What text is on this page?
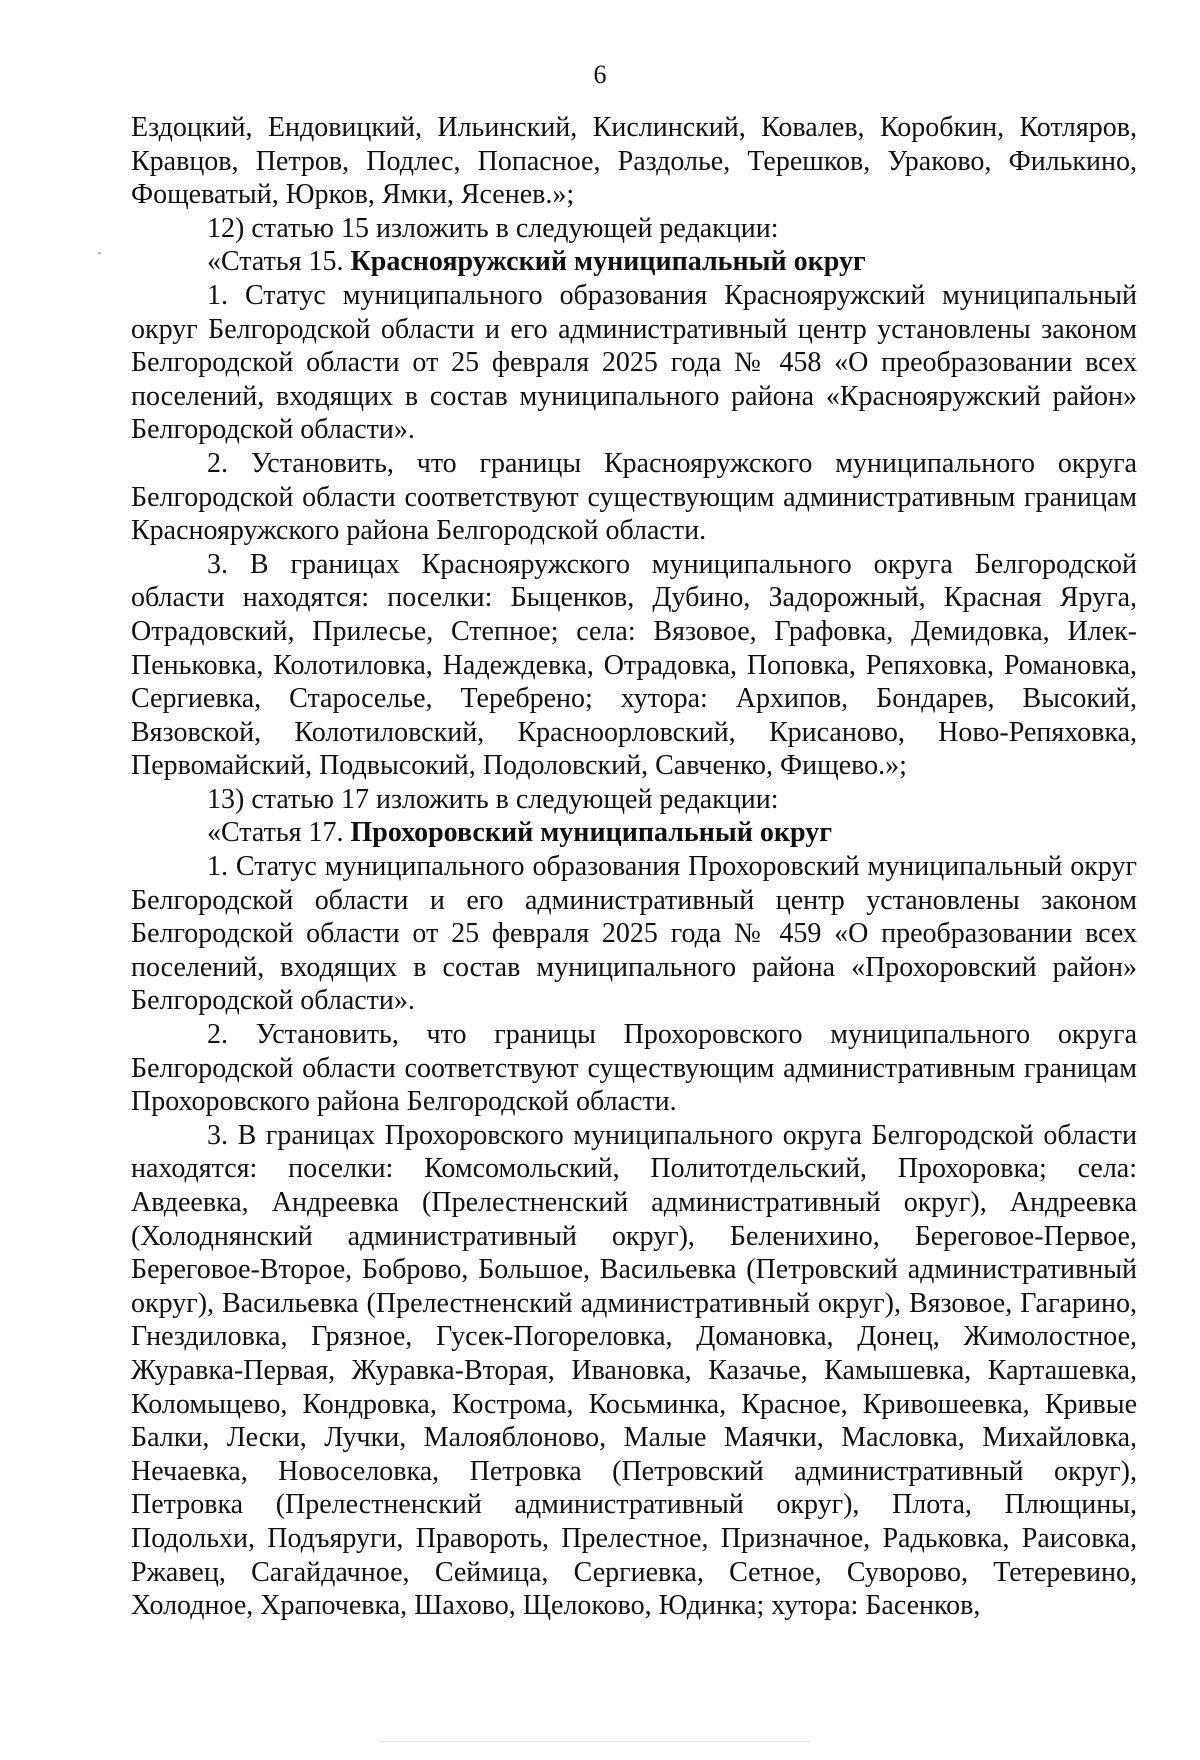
6

Ездоцкий, Ендовицкий, Ильинский, Кислинский, Ковалев, Коробкин, Котляров, Кравцов, Петров, Подлес, Попасное, Раздолье, Терешков, Ураково, Филькино, Фощеватый, Юрков, Ямки, Ясенев.»;

12) статью 15 изложить в следующей редакции:

«Статья 15. Краснояружский муниципальный округ

1. Статус муниципального образования Краснояружский муниципальный округ Белгородской области и его административный центр установлены законом Белгородской области от 25 февраля 2025 года № 458 «О преобразовании всех поселений, входящих в состав муниципального района «Краснояружский район» Белгородской области».

2. Установить, что границы Краснояружского муниципального округа Белгородской области соответствуют существующим административным границам Краснояружского района Белгородской области.

3. В границах Краснояружского муниципального округа Белгородской области находятся: поселки: Быценков, Дубино, Задорожный, Красная Яруга, Отрадовский, Прилесье, Степное; села: Вязовое, Графовка, Демидовка, Илек-Пеньковка, Колотиловка, Надеждевка, Отрадовка, Поповка, Репяховка, Романовка, Сергиевка, Староселье, Теребрено; хутора: Архипов, Бондарев, Высокий, Вязовской, Колотиловский, Красноорловский, Крисаново, Ново-Репяховка, Первомайский, Подвысокий, Подоловский, Савченко, Фищево.»;

13) статью 17 изложить в следующей редакции:

«Статья 17. Прохоровский муниципальный округ

1. Статус муниципального образования Прохоровский муниципальный округ Белгородской области и его административный центр установлены законом Белгородской области от 25 февраля 2025 года № 459 «О преобразовании всех поселений, входящих в состав муниципального района «Прохоровский район» Белгородской области».

2. Установить, что границы Прохоровского муниципального округа Белгородской области соответствуют существующим административным границам Прохоровского района Белгородской области.

3. В границах Прохоровского муниципального округа Белгородской области находятся: поселки: Комсомольский, Политотдельский, Прохоровка; села: Авдеевка, Андреевка (Прелестненский административный округ), Андреевка (Холоднянский административный округ), Беленихино, Береговое-Первое, Береговое-Второе, Боброво, Большое, Васильевка (Петровский административный округ), Васильевка (Прелестненский административный округ), Вязовое, Гагарино, Гнездиловка, Грязное, Гусек-Погореловка, Домановка, Донец, Жимолостное, Журавка-Первая, Журавка-Вторая, Ивановка, Казачье, Камышевка, Карташевка, Коломыцево, Кондровка, Кострома, Косьминка, Красное, Кривошеевка, Кривые Балки, Лески, Лучки, Малояблоново, Малые Маячки, Масловка, Михайловка, Нечаевка, Новоселовка, Петровка (Петровский административный округ), Петровка (Прелестненский административный округ), Плота, Плющины, Подольхи, Подъяруги, Правороть, Прелестное, Призначное, Радьковка, Раисовка, Ржавец, Сагайдачное, Сеймица, Сергиевка, Сетное, Суворово, Тетеревино, Холодное, Храпочевка, Шахово, Щелоково, Юдинка; хутора: Басенков,
